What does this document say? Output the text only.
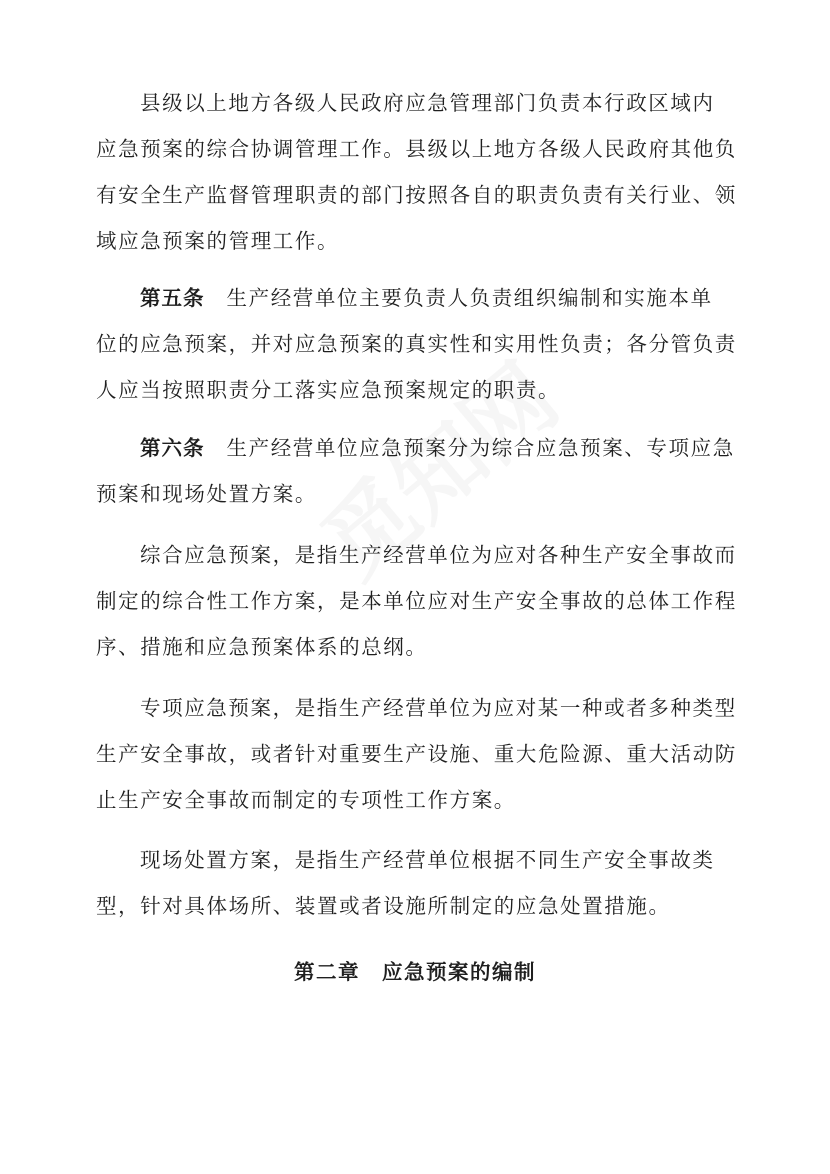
县级以上地方各级人民政府应急管理部门负责本行政区域内
应急预案的综合协调管理工作。县级以上地方各级人民政府其他负
有安全生产监督管理职责的部门按照各自的职责负责有关行业、领
域应急预案的管理工作。
第五条 生产经营单位主要负责人负责组织编制和实施本单
位的应急预案，并对应急预案的真实性和实用性负责；各分管负责
人应当按照职责分工落实应急预案规定的职责。
第六条 生产经营单位应急预案分为综合应急预案、专项应急
预案和现场处置方案。
综合应急预案，是指生产经营单位为应对各种生产安全事故而
制定的综合性工作方案，是本单位应对生产安全事故的总体工作程
序、措施和应急预案体系的总纲。
专项应急预案，是指生产经营单位为应对某一种或者多种类型
生产安全事故，或者针对重要生产设施、重大危险源、重大活动防
止生产安全事故而制定的专项性工作方案。
现场处置方案，是指生产经营单位根据不同生产安全事故类
型，针对具体场所、装置或者设施所制定的应急处置措施。
第二章 应急预案的编制
